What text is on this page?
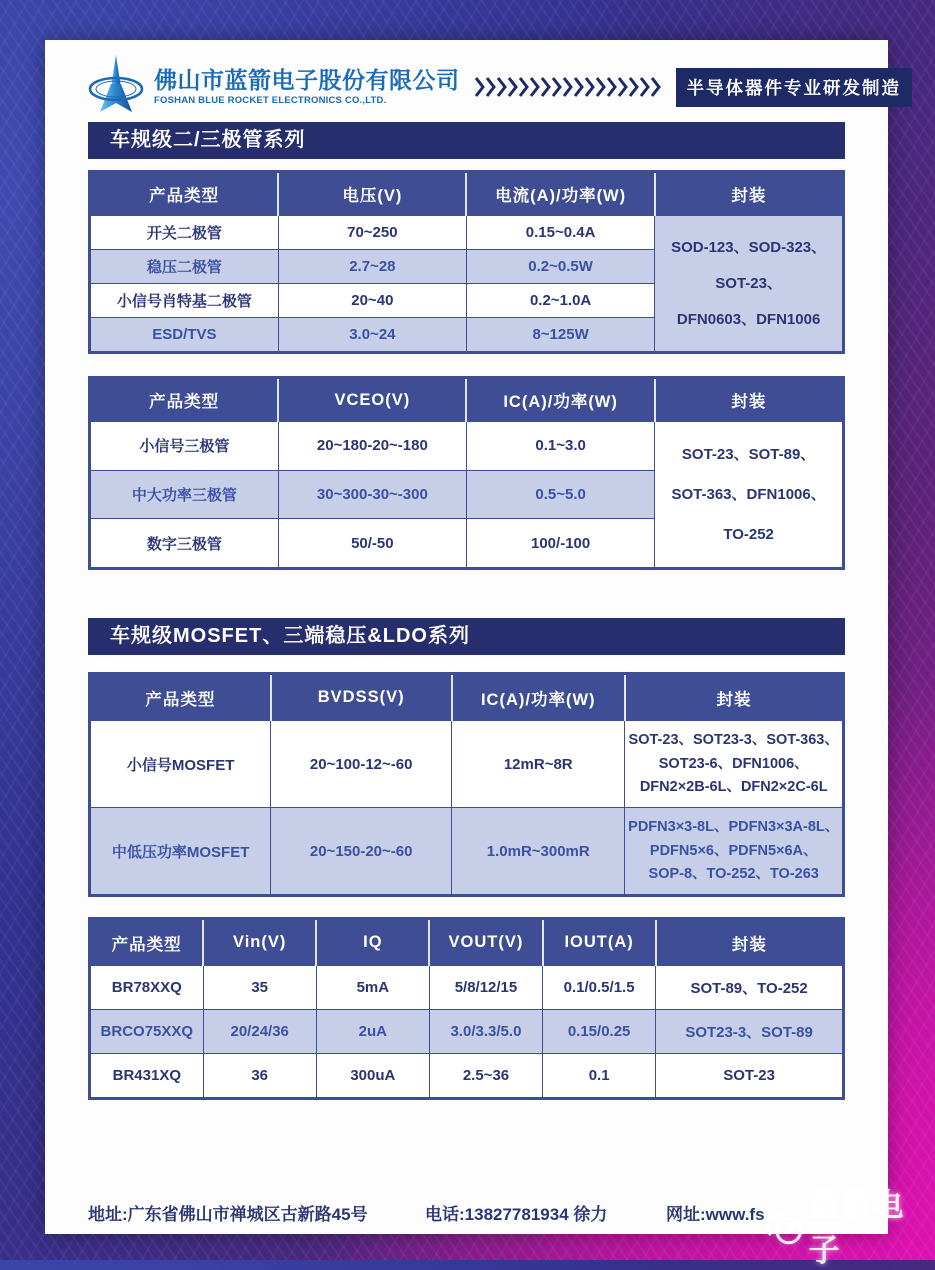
佛山市蓝箭电子股份有限公司
FOSHAN BLUE ROCKET ELECTRONICS CO.,LTD.
半导体器件专业研发制造
车规级二/三极管系列
产品类型	电压(V)	电流(A)/功率(W)	封装
开关二极管	70~250	0.15~0.4A	SOD-123、SOD-323、
SOT-23、
DFN0603、DFN1006

稳压二极管	2.7~28	0.2~0.5W	
小信号肖特基二极管	20~40	0.2~1.0A	
ESD/TVS	3.0~24	8~125W	
产品类型	VCEO(V)	IC(A)/功率(W)	封装
小信号三极管	20~180-20~-180	0.1~3.0	SOT-23、SOT-89、
SOT-363、DFN1006、
TO-252

中大功率三极管	30~300-30~-300	0.5~5.0	
数字三极管	50/-50	100/-100	
车规级MOSFET、三端稳压&LDO系列
产品类型	BVDSS(V)	IC(A)/功率(W)	封装
小信号MOSFET	20~100-12~-60	12mR~8R	SOT-23、SOT23-3、SOT-363、
SOT23-6、DFN1006、
DFN2×2B-6L、DFN2×2C-6L

中低压功率MOSFET	20~150-20~-60	1.0mR~300mR	PDFN3×3-8L、PDFN3×3A-8L、
PDFN5×6、PDFN5×6A、
SOP-8、TO-252、TO-263
产品类型	Vin(V)	IQ	VOUT(V)	IOUT(A)	封装
BR78XXQ	35	5mA	5/8/12/15	0.1/0.5/1.5	SOT-89、TO-252
BRCO75XXQ	20/24/36	2uA	3.0/3.3/5.0	0.15/0.25	SOT23-3、SOT-89
BR431XQ	36	300uA	2.5~36	0.1	SOT-23
地址:广东省佛山市禅城区古新路45号	电话:13827781934 徐力	网址:www.fs 蓝箭电子
